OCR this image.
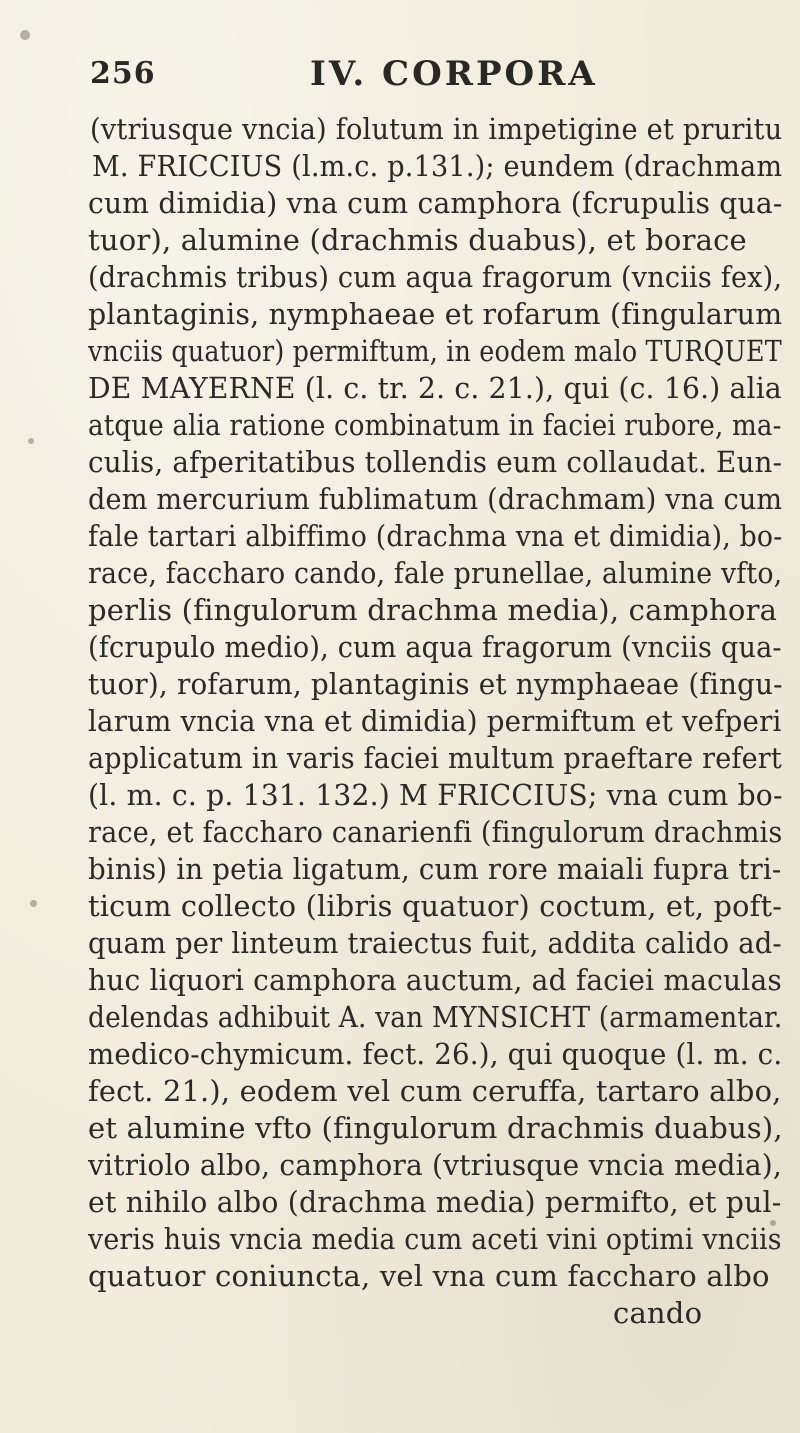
256	IV. CORPORA
(vtriusque vncia) folutum in impetigine et pruritu
M. FRICCIUS (l.m.c. p.131.); eundem (drachmam
cum dimidia) vna cum camphora (fcrupulis qua-
tuor), alumine (drachmis duabus), et borace
(drachmis tribus) cum aqua fragorum (vnciis fex),
plantaginis, nymphaeae et rofarum (fingularum
vnciis quatuor) permiftum, in eodem malo TURQUET
DE MAYERNE (l. c. tr. 2. c. 21.), qui (c. 16.) alia
atque alia ratione combinatum in faciei rubore, ma-
culis, afperitatibus tollendis eum collaudat. Eun-
dem mercurium fublimatum (drachmam) vna cum
fale tartari albiffimo (drachma vna et dimidia), bo-
race, faccharo cando, fale prunellae, alumine vfto,
perlis (fingulorum drachma media), camphora
(fcrupulo medio), cum aqua fragorum (vnciis qua-
tuor), rofarum, plantaginis et nymphaeae (fingu-
larum vncia vna et dimidia) permiftum et vefperi
applicatum in varis faciei multum praeftare refert
(l. m. c. p. 131. 132.) M FRICCIUS; vna cum bo-
race, et faccharo canarienfi (fingulorum drachmis
binis) in petia ligatum, cum rore maiali fupra tri-
ticum collecto (libris quatuor) coctum, et, poft-
quam per linteum traiectus fuit, addita calido ad-
huc liquori camphora auctum, ad faciei maculas
delendas adhibuit A. van MYNSICHT (armamentar.
medico-chymicum. fect. 26.), qui quoque (l. m. c.
fect. 21.), eodem vel cum ceruffa, tartaro albo,
et alumine vfto (fingulorum drachmis duabus),
vitriolo albo, camphora (vtriusque vncia media),
et nihilo albo (drachma media) permifto, et pul-
veris huis vncia media cum aceti vini optimi vnciis
quatuor coniuncta, vel vna cum faccharo albo
cando
